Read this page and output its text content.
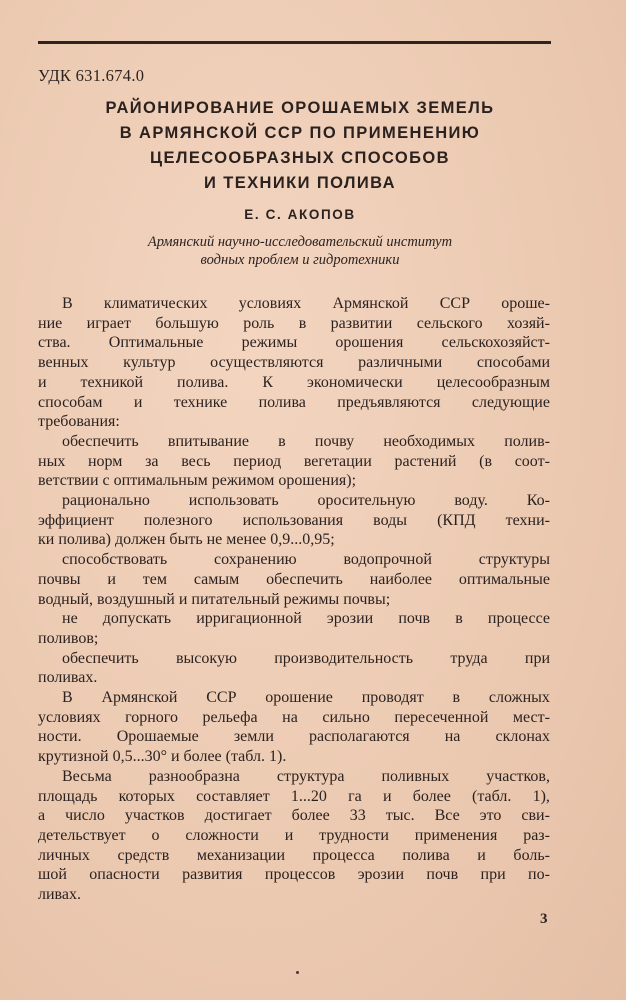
УДК 631.674.0
РАЙОНИРОВАНИЕ ОРОШАЕМЫХ ЗЕМЕЛЬ
В АРМЯНСКОЙ ССР ПО ПРИМЕНЕНИЮ
ЦЕЛЕСООБРАЗНЫХ СПОСОБОВ
И ТЕХНИКИ ПОЛИВА
Е. С. АКОПОВ
Армянский научно-исследовательский институт
водных проблем и гидротехники
В климатических условиях Армянской ССР ороше-
ние играет большую роль в развитии сельского хозяй-
ства. Оптимальные режимы орошения сельскохозяйст-
венных культур осуществляются различными способами
и техникой полива. К экономически целесообразным
способам и технике полива предъявляются следующие
требования:
обеспечить впитывание в почву необходимых полив-
ных норм за весь период вегетации растений (в соот-
ветствии с оптимальным режимом орошения);
рационально использовать оросительную воду. Ко-
эффициент полезного использования воды (КПД техни-
ки полива) должен быть не менее 0,9...0,95;
способствовать	сохранению	водопрочной	структуры
почвы и тем самым обеспечить наиболее оптимальные
водный, воздушный и питательный режимы почвы;
не допускать ирригационной эрозии почв в процессе
поливов;
обеспечить высокую производительность труда при
поливах.
В Армянской ССР орошение проводят в сложных
условиях горного рельефа на сильно пересеченной мест-
ности. Орошаемые земли располагаются на склонах
крутизной 0,5...30° и более (табл. 1).
Весьма разнообразна структура поливных участков,
площадь которых составляет 1...20 га и более (табл. 1),
а число участков достигает более 33 тыс. Все это сви-
детельствует о сложности и трудности применения раз-
личных средств механизации процесса полива и боль-
шой опасности развития процессов эрозии почв при по-
ливах.
3
